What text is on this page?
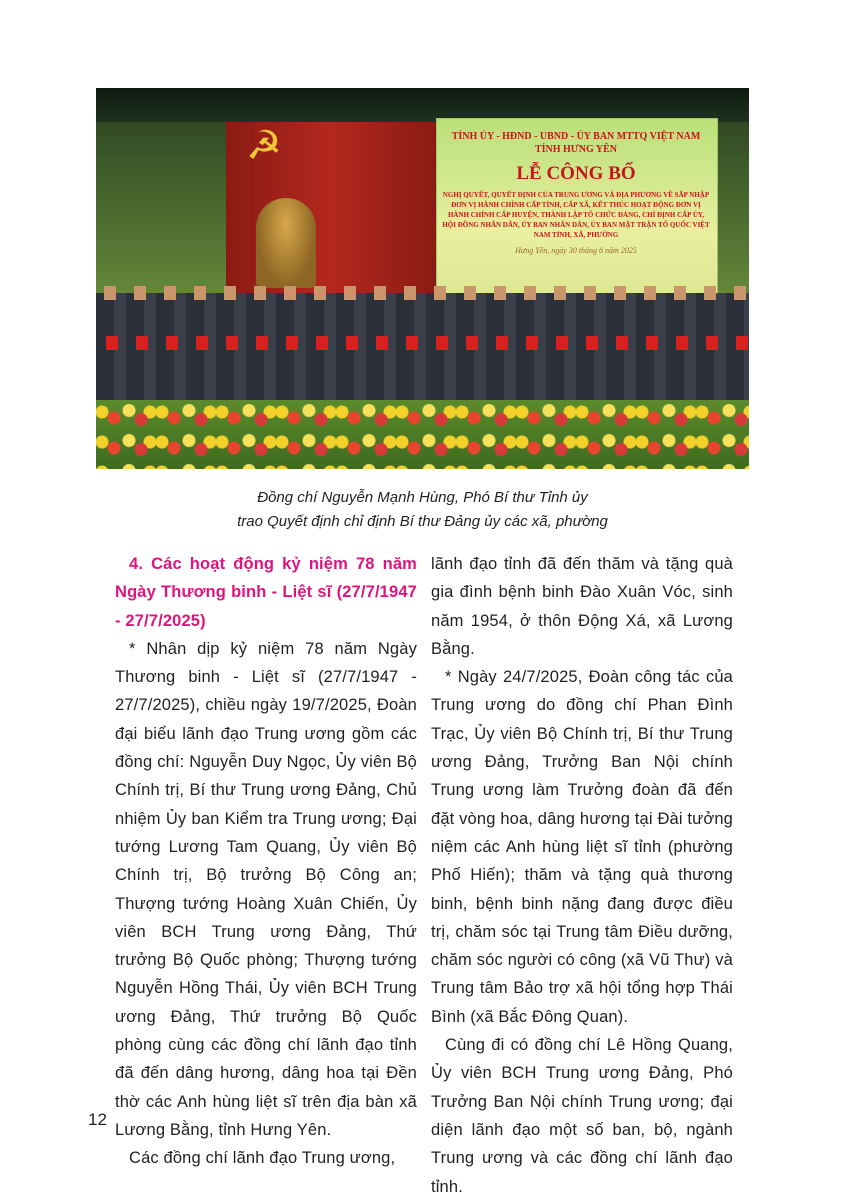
☭	TỈNH ỦY - HĐND - UBND - ỦY BAN MTTQ VIỆT NAM
TỈNH HƯNG YÊN
LỄ CÔNG BỐ
NGHỊ QUYẾT, QUYẾT ĐỊNH CỦA TRUNG ƯƠNG VÀ ĐỊA PHƯƠNG VỀ SẮP NHẬP ĐƠN VỊ HÀNH CHÍNH CẤP TỈNH, CẤP XÃ, KẾT THÚC HOẠT ĐỘNG ĐƠN VỊ HÀNH CHÍNH CẤP HUYỆN, THÀNH LẬP TỔ CHỨC ĐẢNG, CHỈ ĐỊNH CẤP ỦY, HỘI ĐỒNG NHÂN DÂN, ỦY BAN NHÂN DÂN, ỦY BAN MẶT TRẬN TỔ QUỐC VIỆT NAM TỈNH, XÃ, PHƯỜNG
Hưng Yên, ngày 30 tháng 6 năm 2025
Đồng chí Nguyễn Mạnh Hùng, Phó Bí thư Tỉnh ủy
trao Quyết định chỉ định Bí thư Đảng ủy các xã, phường

4. Các hoạt động kỷ niệm 78 năm Ngày Thương binh - Liệt sĩ (27/7/1947 - 27/7/2025)

* Nhân dịp kỷ niệm 78 năm Ngày Thương binh - Liệt sĩ (27/7/1947 - 27/7/2025), chiều ngày 19/7/2025, Đoàn đại biểu lãnh đạo Trung ương gồm các đồng chí: Nguyễn Duy Ngọc, Ủy viên Bộ Chính trị, Bí thư Trung ương Đảng, Chủ nhiệm Ủy ban Kiểm tra Trung ương; Đại tướng Lương Tam Quang, Ủy viên Bộ Chính trị, Bộ trưởng Bộ Công an; Thượng tướng Hoàng Xuân Chiến, Ủy viên BCH Trung ương Đảng, Thứ trưởng Bộ Quốc phòng; Thượng tướng Nguyễn Hồng Thái, Ủy viên BCH Trung ương Đảng, Thứ trưởng Bộ Quốc phòng cùng các đồng chí lãnh đạo tỉnh đã đến dâng hương, dâng hoa tại Đền thờ các Anh hùng liệt sĩ trên địa bàn xã Lương Bằng, tỉnh Hưng Yên.

Các đồng chí lãnh đạo Trung ương,

lãnh đạo tỉnh đã đến thăm và tặng quà gia đình bệnh binh Đào Xuân Vóc, sinh năm 1954, ở thôn Động Xá, xã Lương Bằng.

* Ngày 24/7/2025, Đoàn công tác của Trung ương do đồng chí Phan Đình Trạc, Ủy viên Bộ Chính trị, Bí thư Trung ương Đảng, Trưởng Ban Nội chính Trung ương làm Trưởng đoàn đã đến đặt vòng hoa, dâng hương tại Đài tưởng niệm các Anh hùng liệt sĩ tỉnh (phường Phố Hiến); thăm và tặng quà thương binh, bệnh binh nặng đang được điều trị, chăm sóc tại Trung tâm Điều dưỡng, chăm sóc người có công (xã Vũ Thư) và Trung tâm Bảo trợ xã hội tổng hợp Thái Bình (xã Bắc Đông Quan).

Cùng đi có đồng chí Lê Hồng Quang, Ủy viên BCH Trung ương Đảng, Phó Trưởng Ban Nội chính Trung ương; đại diện lãnh đạo một số ban, bộ, ngành Trung ương và các đồng chí lãnh đạo tỉnh.

12
